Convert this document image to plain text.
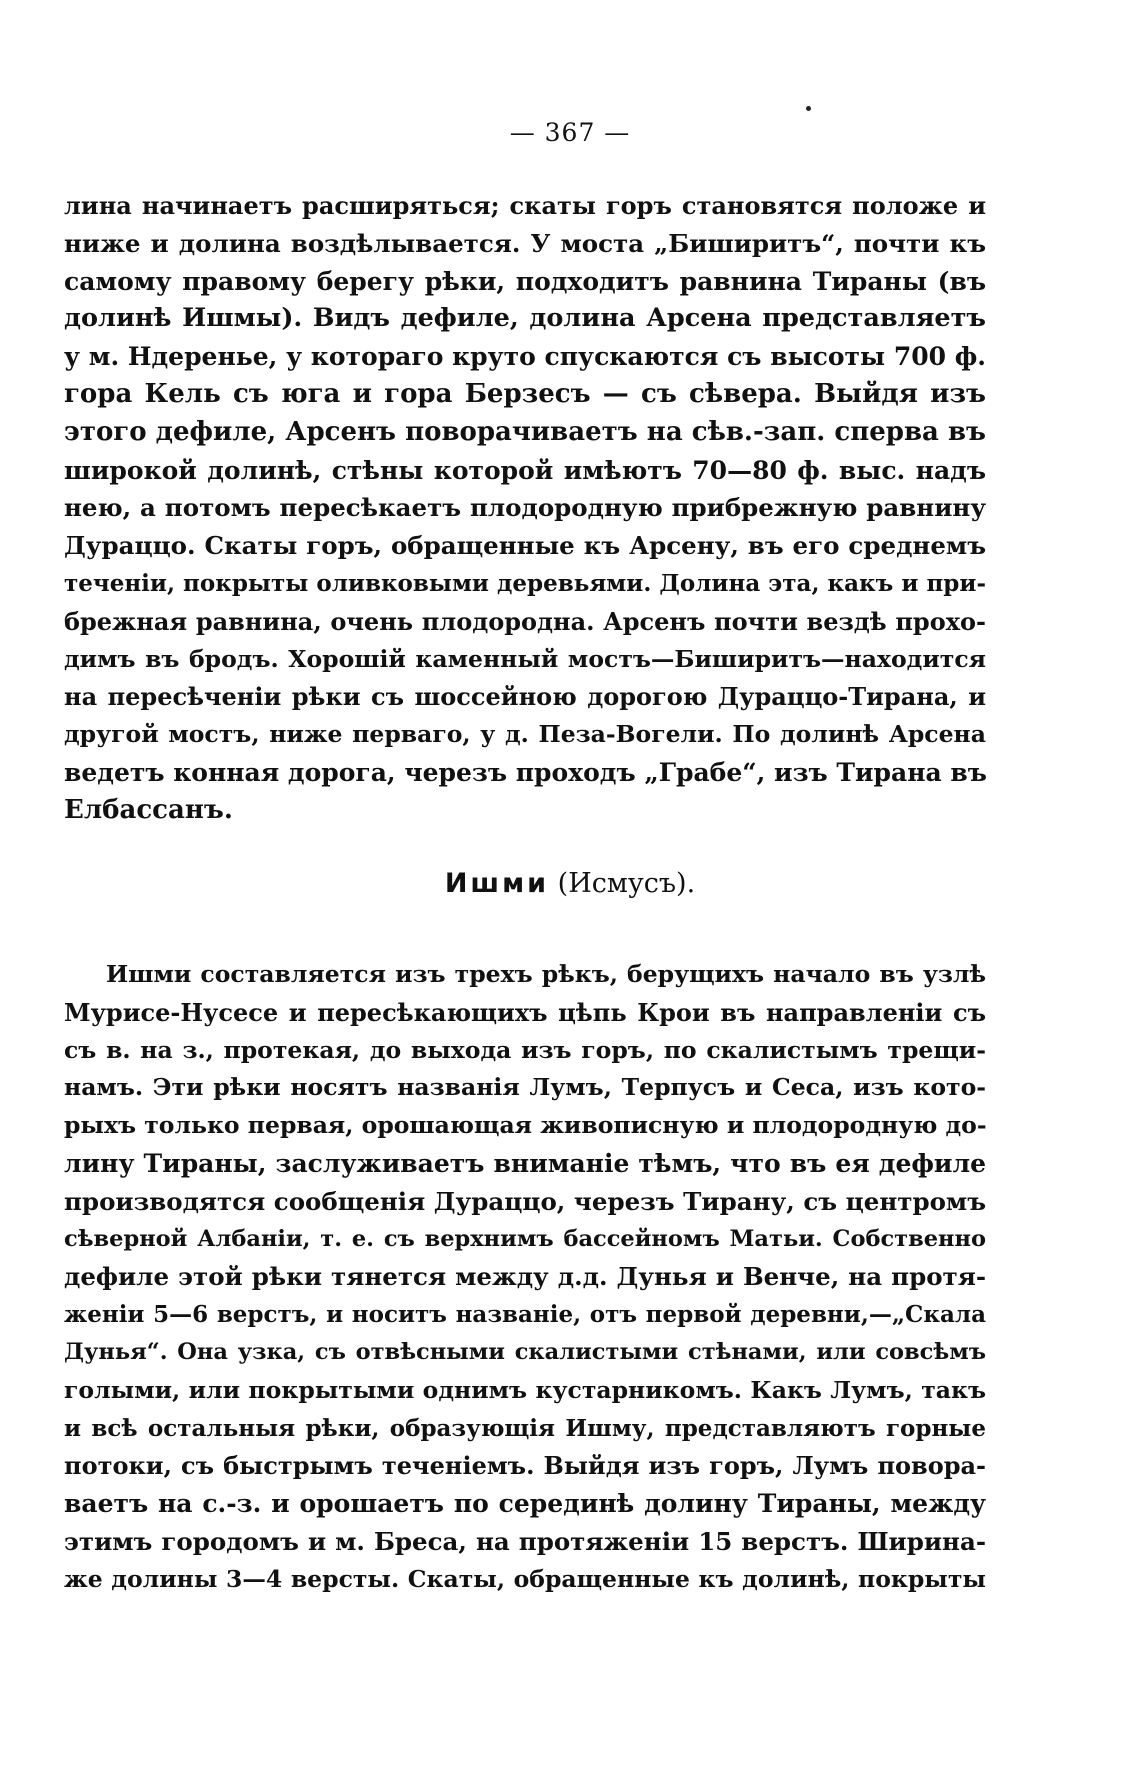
— 367 —
лина начинаетъ расширяться; скаты горъ становятся положе и
ниже и долина воздѣлывается. У моста „Биширитъ“, почти къ
самому правому берегу рѣки, подходитъ равнина Тираны (въ
долинѣ Ишмы). Видъ дефиле, долина Арсена представляетъ
у м. Ндеренье, у котораго круто спускаются съ высоты 700 ф.
гора Кель съ юга и гора Берзесъ — съ сѣвера. Выйдя изъ
этого дефиле, Арсенъ поворачиваетъ на сѣв.-зап. сперва въ
широкой долинѣ, стѣны которой имѣютъ 70—80 ф. выс. надъ
нею, а потомъ пересѣкаетъ плодородную прибрежную равнину
Дураццо. Скаты горъ, обращенные къ Арсену, въ его среднемъ
теченіи, покрыты оливковыми деревьями. Долина эта, какъ и при-
брежная равнина, очень плодородна. Арсенъ почти вездѣ прохо-
димъ въ бродъ. Хорошій каменный мостъ—Биширитъ—находится
на пересѣченіи рѣки съ шоссейною дорогою Дураццо-Тирана, и
другой мостъ, ниже перваго, у д. Пеза-Вогели. По долинѣ Арсена
ведетъ конная дорога, черезъ проходъ „Грабе“, изъ Тирана въ
Елбассанъ.
Ишми (Исмусъ).
Ишми составляется изъ трехъ рѣкъ, берущихъ начало въ узлѣ
Мурисе-Нусесе и пересѣкающихъ цѣпь Крои въ направленіи съ
съ в. на з., протекая, до выхода изъ горъ, по скалистымъ трещи-
намъ. Эти рѣки носятъ названія Лумъ, Терпусъ и Сеса, изъ кото-
рыхъ только первая, орошающая живописную и плодородную до-
лину Тираны, заслуживаетъ вниманіе тѣмъ, что въ ея дефиле
производятся сообщенія Дураццо, черезъ Тирану, съ центромъ
сѣверной Албаніи, т. е. съ верхнимъ бассейномъ Матьи. Собственно
дефиле этой рѣки тянется между д.д. Дунья и Венче, на протя-
женіи 5—6 верстъ, и носитъ названіе, отъ первой деревни,—„Скала
Дунья“. Она узка, съ отвѣсными скалистыми стѣнами, или совсѣмъ
голыми, или покрытыми однимъ кустарникомъ. Какъ Лумъ, такъ
и всѣ остальныя рѣки, образующія Ишму, представляютъ горные
потоки, съ быстрымъ теченіемъ. Выйдя изъ горъ, Лумъ повора-
ваетъ на с.-з. и орошаетъ по серединѣ долину Тираны, между
этимъ городомъ и м. Бреса, на протяженіи 15 верстъ. Ширина-
же долины 3—4 версты. Скаты, обращенные къ долинѣ, покрыты
